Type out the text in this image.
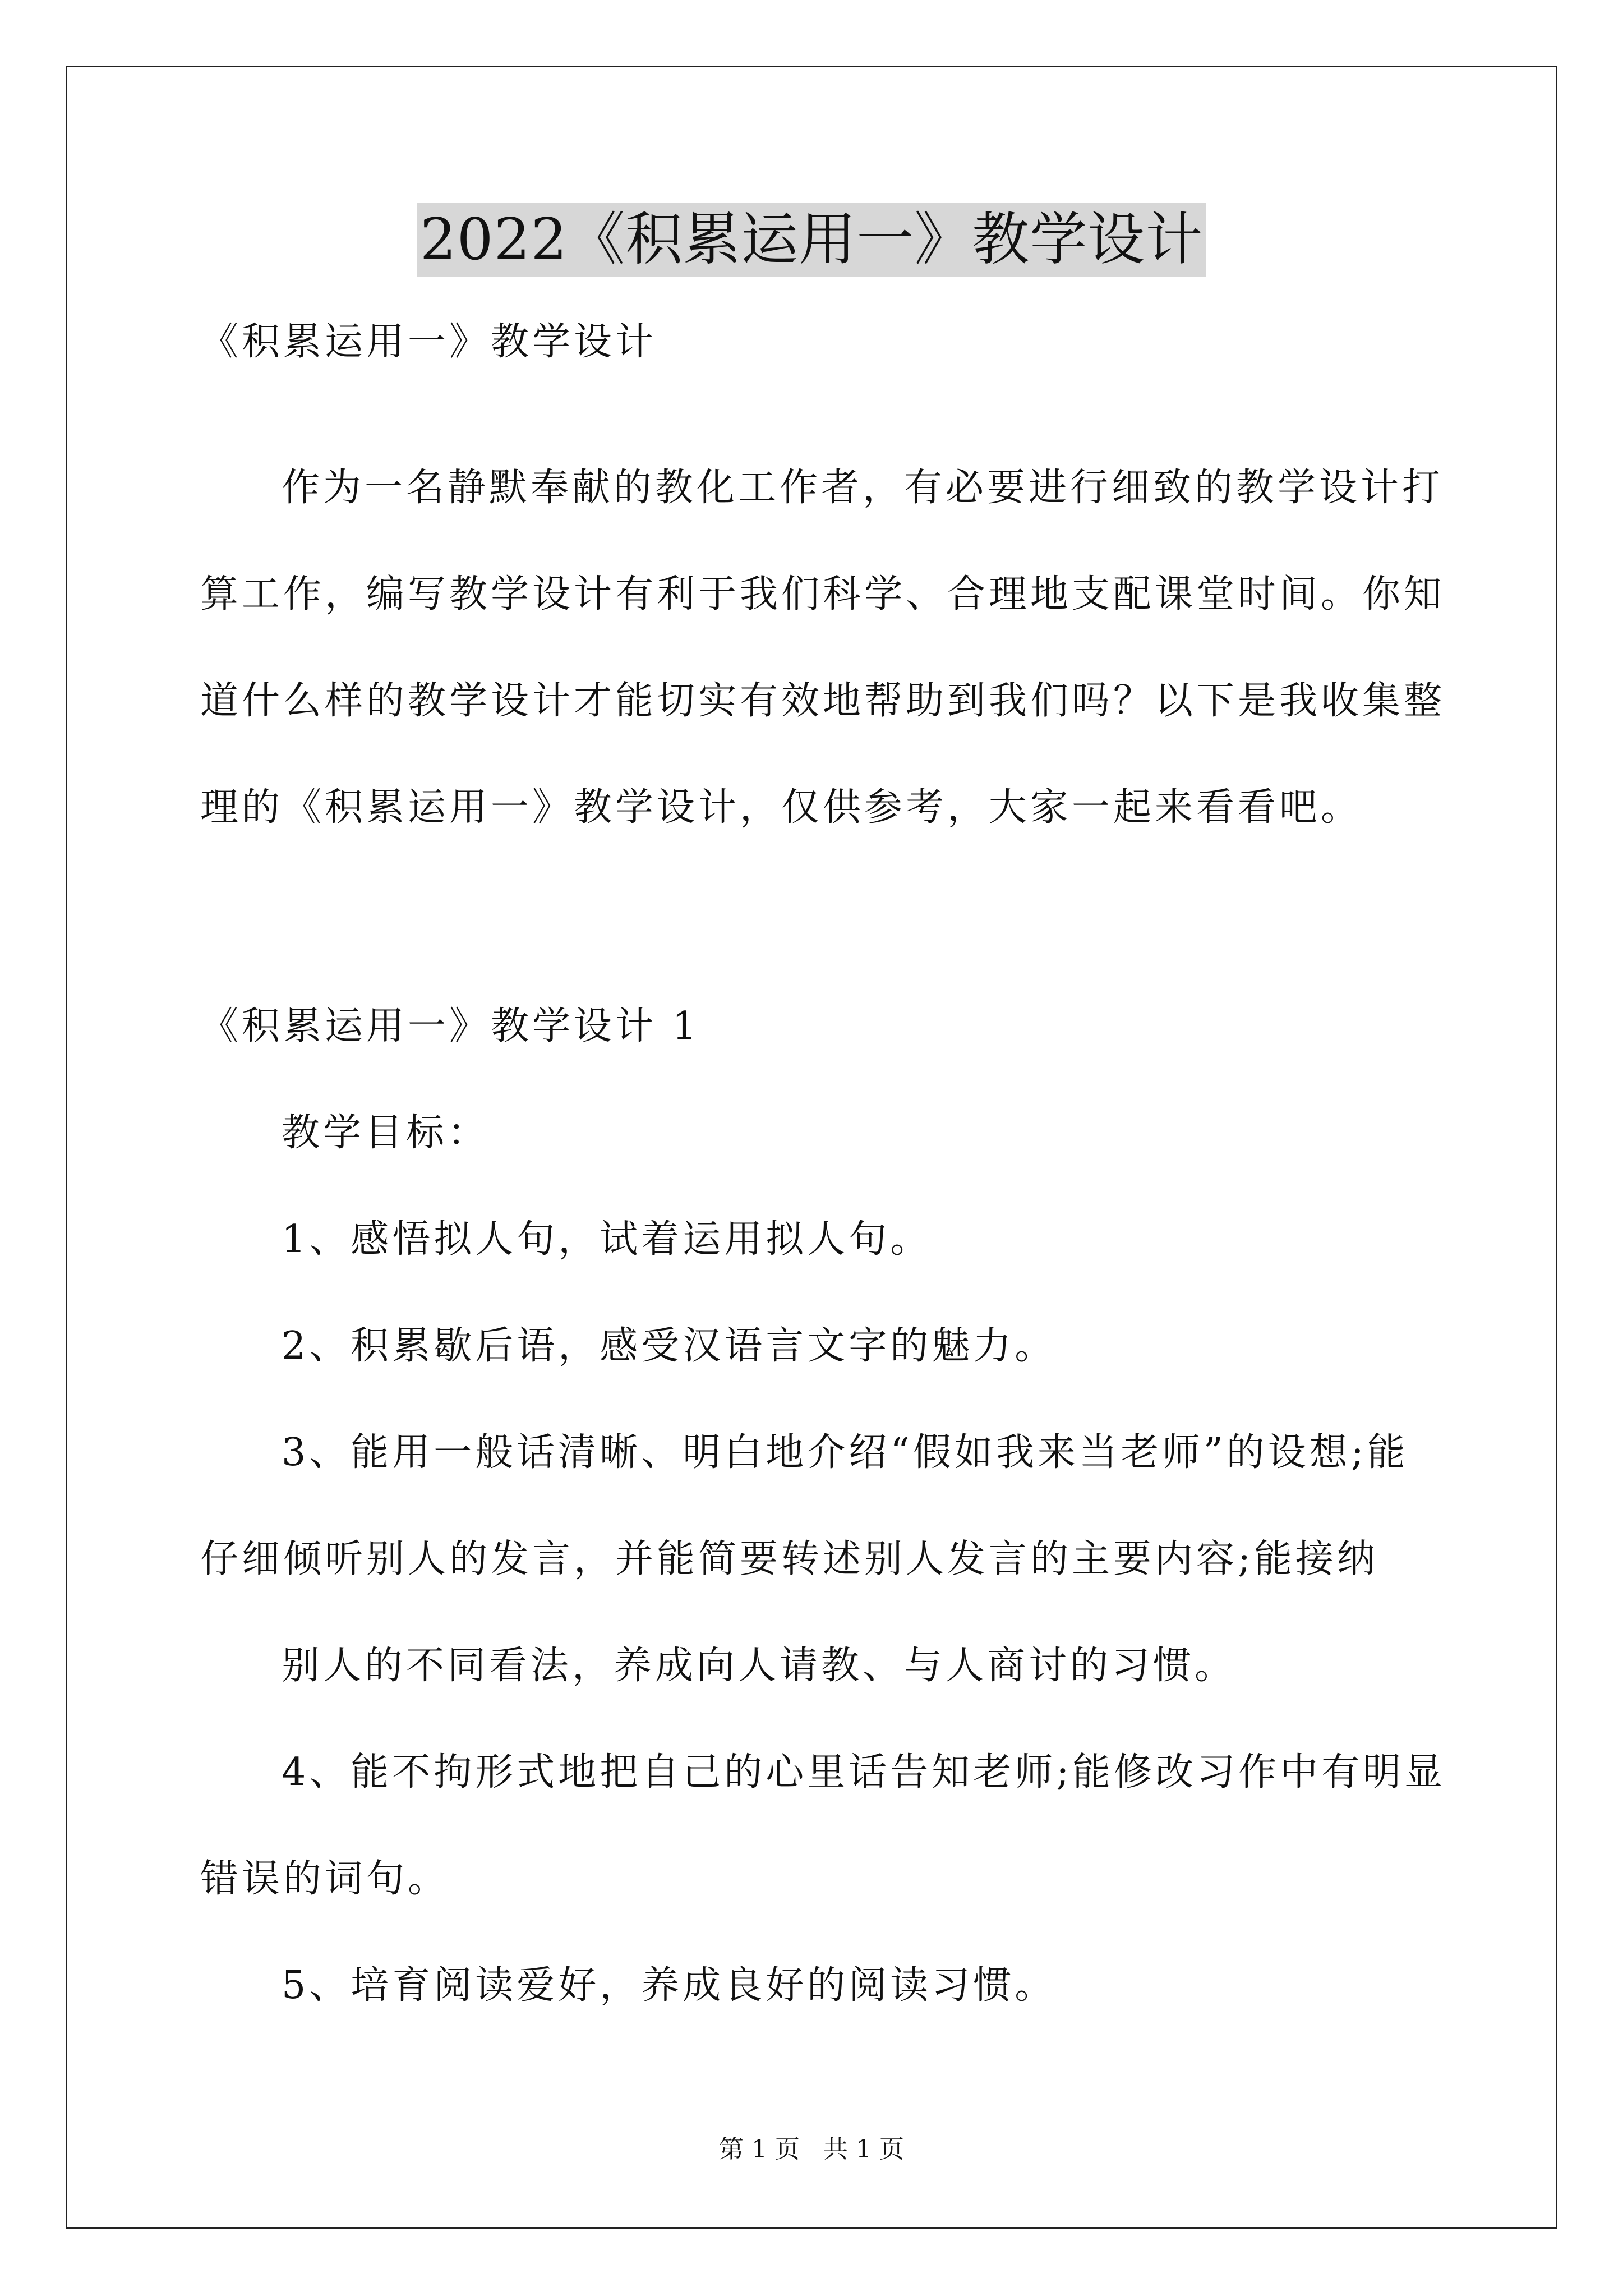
2022《积累运用一》教学设计
《积累运用一》教学设计
作为一名静默奉献的教化工作者，有必要进行细致的教学设计打
算工作，编写教学设计有利于我们科学、合理地支配课堂时间。你知
道什么样的教学设计才能切实有效地帮助到我们吗？以下是我收集整
理的《积累运用一》教学设计，仅供参考，大家一起来看看吧。
《积累运用一》教学设计 1
教学目标：
1、感悟拟人句，试着运用拟人句。
2、积累歇后语，感受汉语言文字的魅力。
3、能用一般话清晰、明白地介绍“假如我来当老师”的设想;能
仔细倾听别人的发言，并能简要转述别人发言的主要内容;能接纳
别人的不同看法，养成向人请教、与人商讨的习惯。
4、能不拘形式地把自己的心里话告知老师;能修改习作中有明显
错误的词句。
5、培育阅读爱好，养成良好的阅读习惯。
第 1 页   共 1 页
